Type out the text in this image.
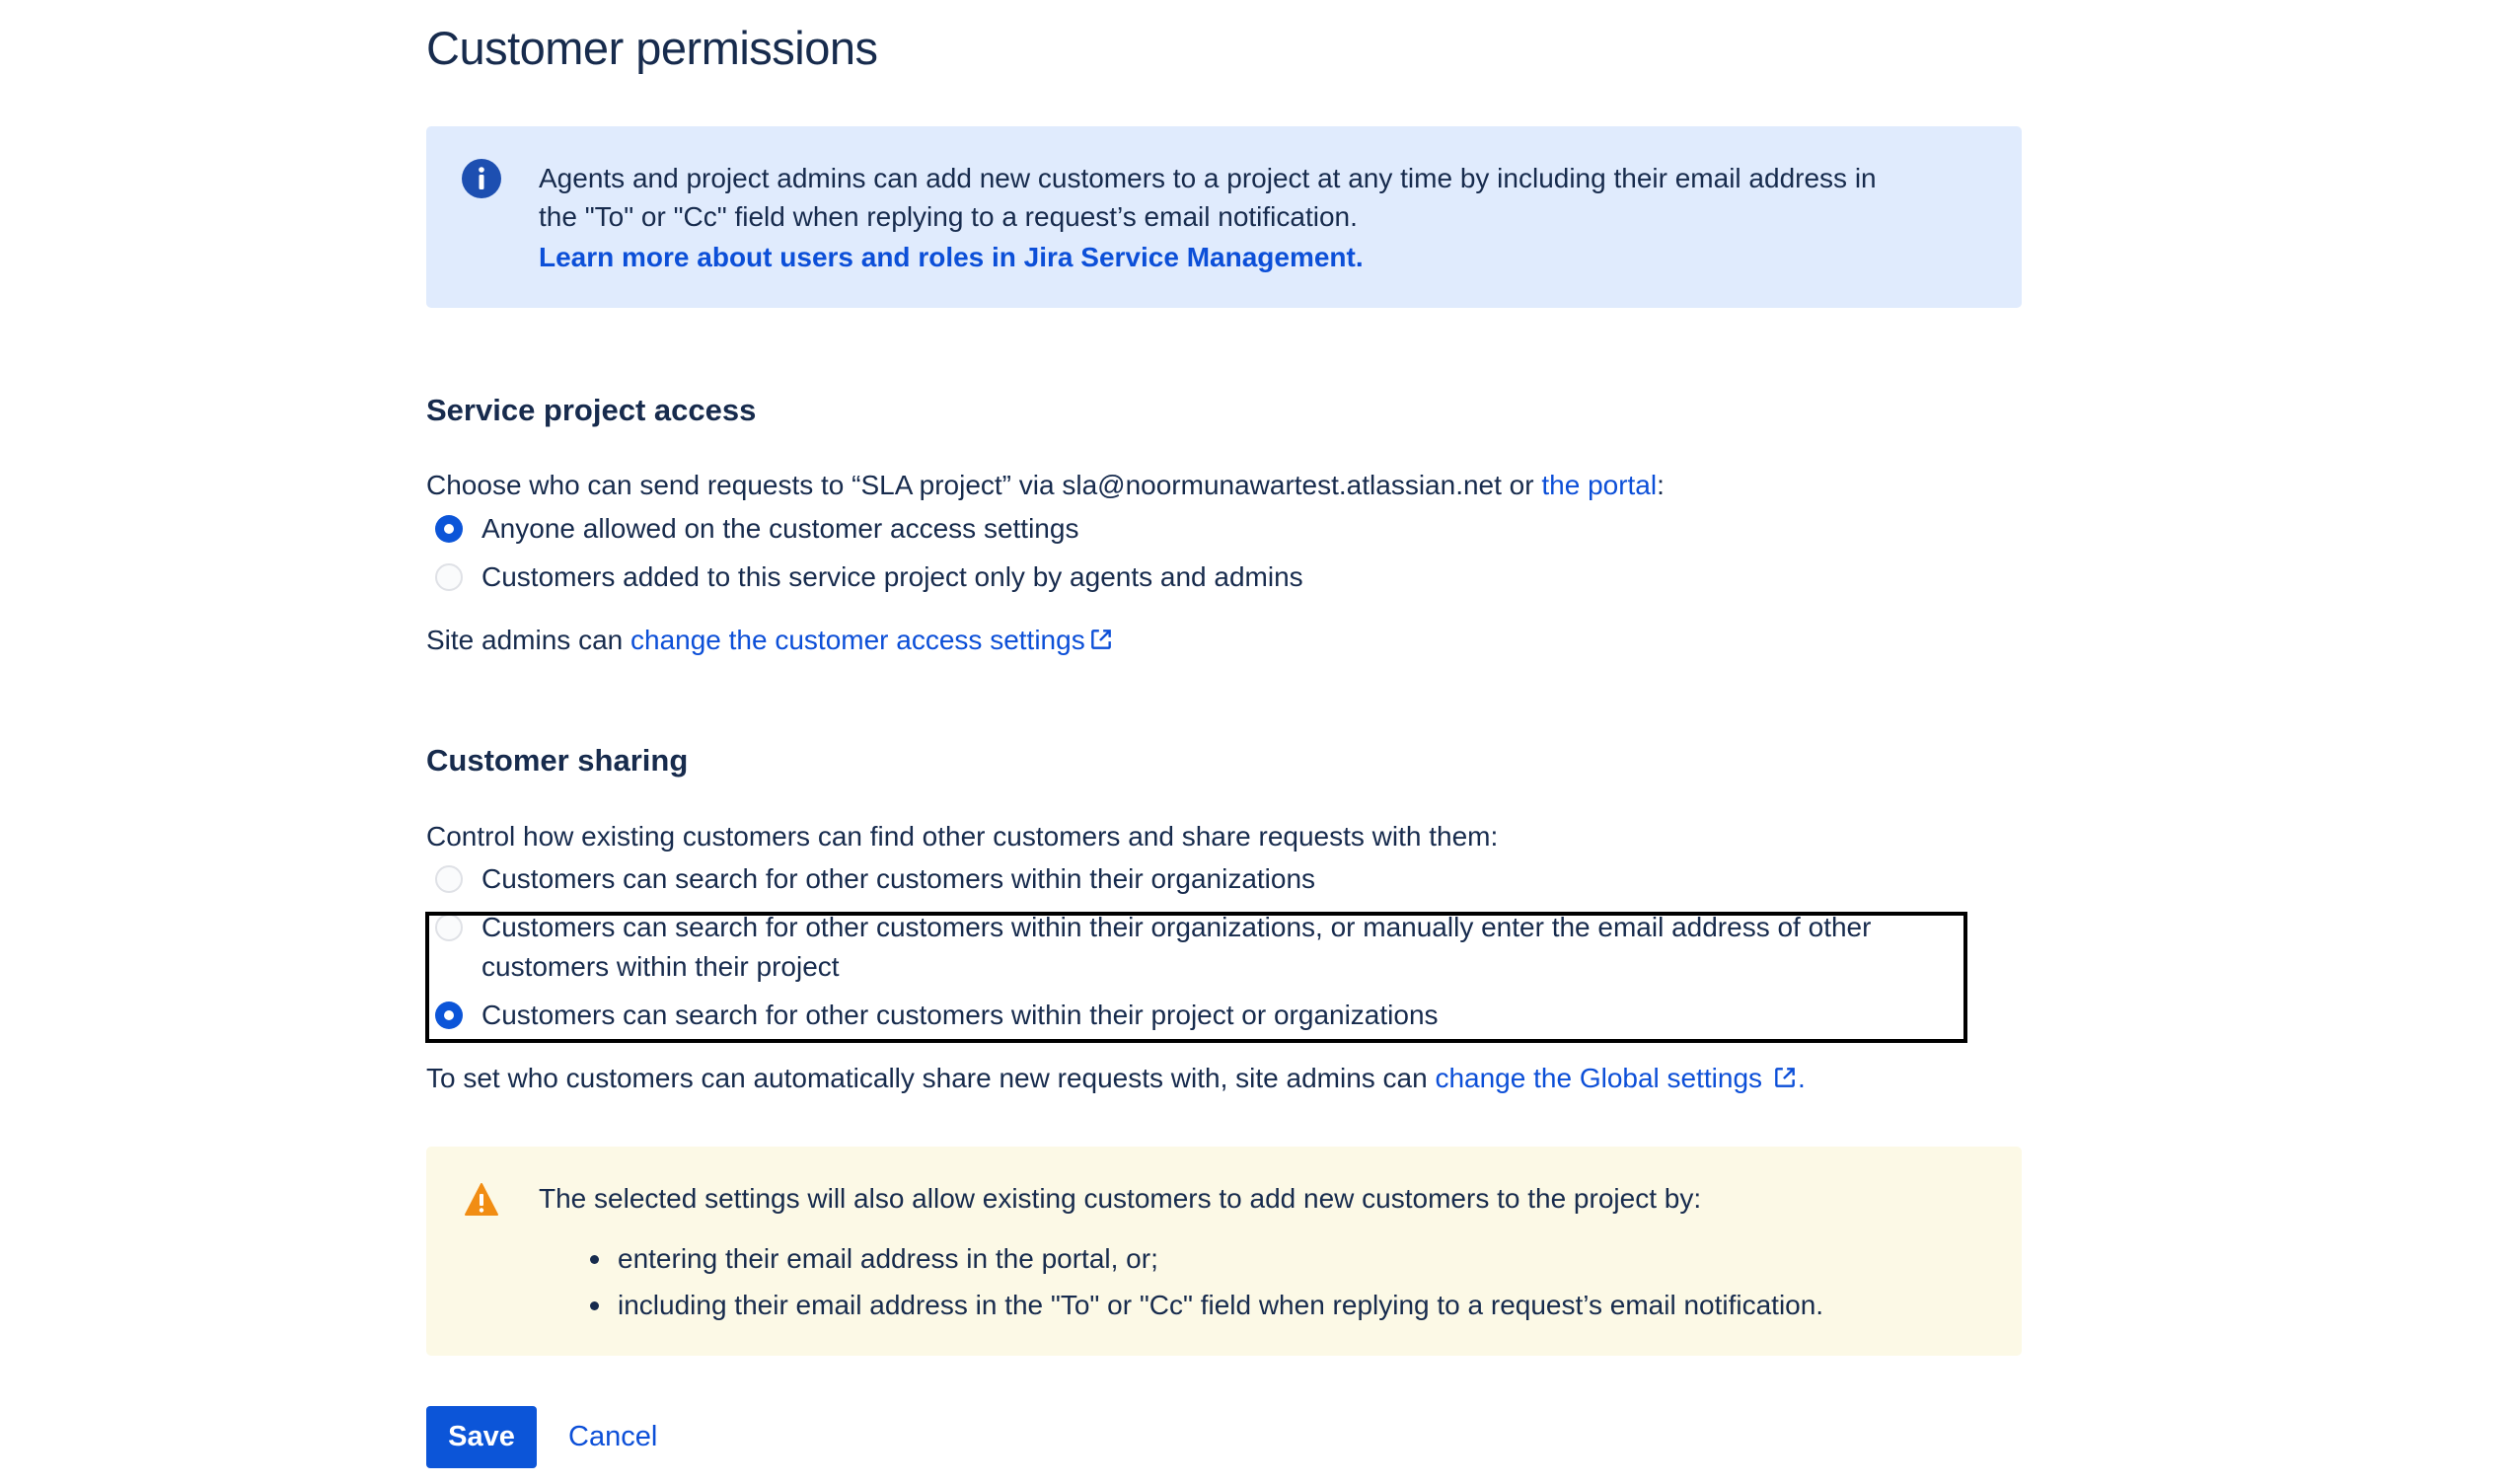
Customer permissions
Agents and project admins can add new customers to a project at any time by including their email address in
the "To" or "Cc" field when replying to a request’s email notification.
Learn more about users and roles in Jira Service Management.
Service project access
Choose who can send requests to “SLA project” via sla@noormunawartest.atlassian.net or the portal:
Anyone allowed on the customer access settings
Customers added to this service project only by agents and admins
Site admins can change the customer access settings
Customer sharing
Control how existing customers can find other customers and share requests with them:
Customers can search for other customers within their organizations
Customers can search for other customers within their organizations, or manually enter the email address of other
customers within their project
Customers can search for other customers within their project or organizations
To set who customers can automatically share new requests with, site admins can change the Global settings .
The selected settings will also allow existing customers to add new customers to the project by:
entering their email address in the portal, or;
including their email address in the "To" or "Cc" field when replying to a request’s email notification.
Save	Cancel
